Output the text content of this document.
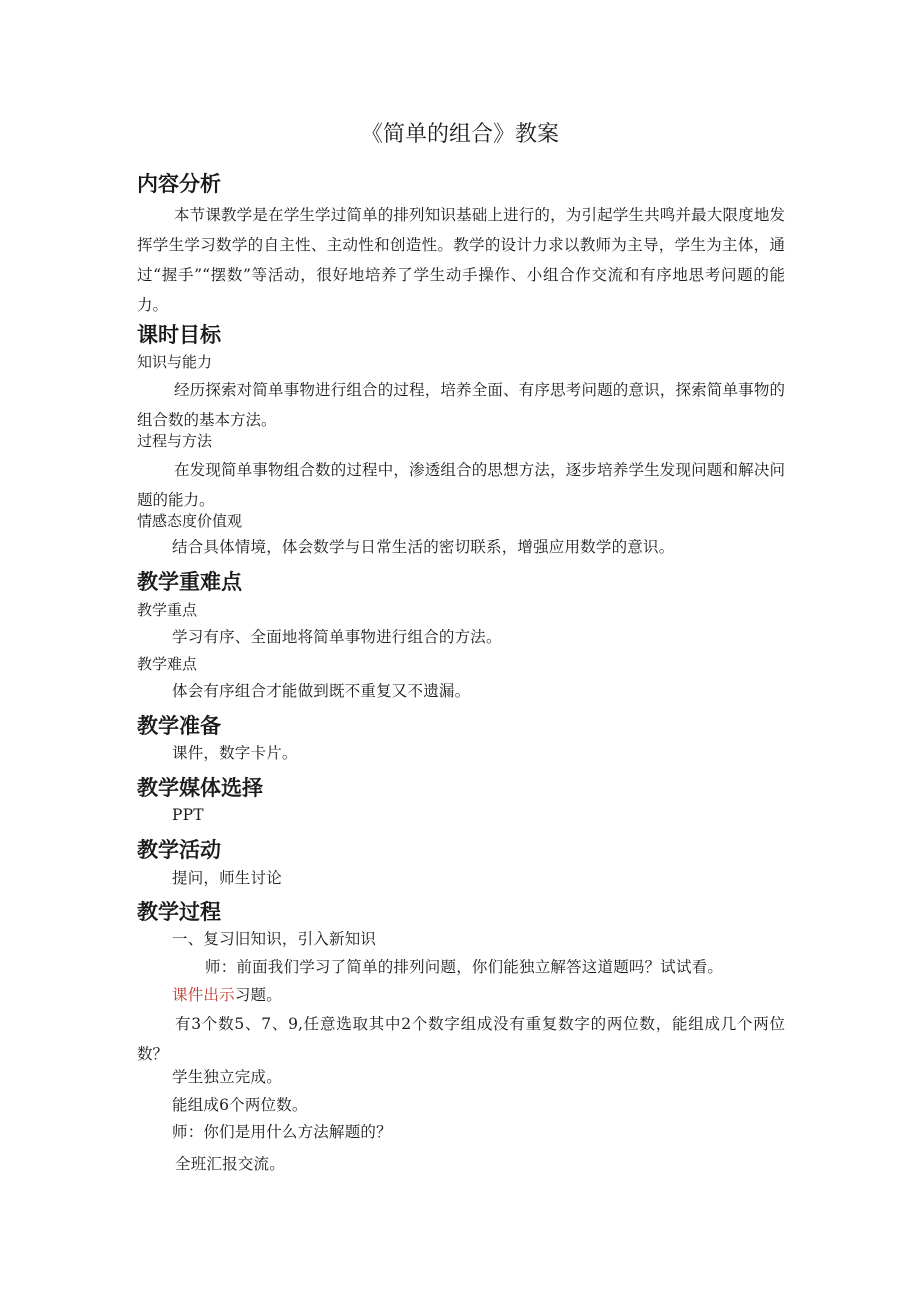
《简单的组合》教案
内容分析

本节课教学是在学生学过简单的排列知识基础上进行的，为引起学生共鸣并最大限度地发挥学生学习数学的自主性、主动性和创造性。教学的设计力求以教师为主导，学生为主体，通过“握手”“摆数”等活动，很好地培养了学生动手操作、小组合作交流和有序地思考问题的能力。

课时目标
知识与能力

经历探索对简单事物进行组合的过程，培养全面、有序思考问题的意识，探索简单事物的组合数的基本方法。

过程与方法

在发现简单事物组合数的过程中，渗透组合的思想方法，逐步培养学生发现问题和解决问题的能力。

情感态度价值观
结合具体情境，体会数学与日常生活的密切联系，增强应用数学的意识。
教学重难点
教学重点
学习有序、全面地将简单事物进行组合的方法。
教学难点
体会有序组合才能做到既不重复又不遗漏。
教学准备
课件，数字卡片。
教学媒体选择
PPT
教学活动
提问，师生讨论
教学过程
一、复习旧知识，引入新知识
师：前面我们学习了简单的排列问题，你们能独立解答这道题吗？试试看。
课件出示习题。

有3个数5、7、9,任意选取其中2个数字组成没有重复数字的两位数，能组成几个两位数？

学生独立完成。
能组成6个两位数。
师：你们是用什么方法解题的？
全班汇报交流。
